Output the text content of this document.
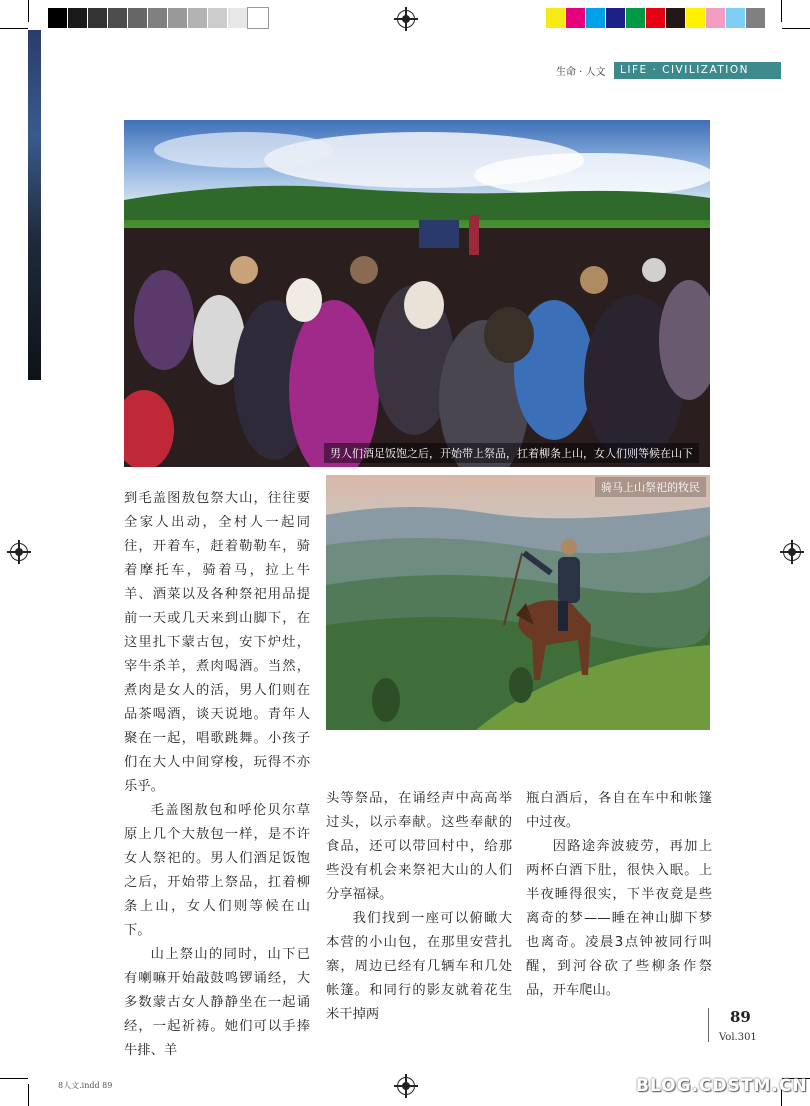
生命 · 人文	LIFE · CIVILIZATION
男人们酒足饭饱之后，开始带上祭品，扛着柳条上山，女人们则等候在山下
骑马上山祭祀的牧民

到毛盖图敖包祭大山，往往要全家人出动，全村人一起同往，开着车，赶着勒勒车，骑着摩托车，骑着马，拉上牛羊、酒菜以及各种祭祀用品提前一天或几天来到山脚下，在这里扎下蒙古包，安下炉灶，宰牛杀羊，煮肉喝酒。当然，煮肉是女人的活，男人们则在品茶喝酒，谈天说地。青年人聚在一起，唱歌跳舞。小孩子们在大人中间穿梭，玩得不亦乐乎。

毛盖图敖包和呼伦贝尔草原上几个大敖包一样，是不许女人祭祀的。男人们酒足饭饱之后，开始带上祭品，扛着柳条上山，女人们则等候在山下。

山上祭山的同时，山下已有喇嘛开始敲鼓鸣锣诵经，大多数蒙古女人静静坐在一起诵经，一起祈祷。她们可以手捧牛排、羊

头等祭品，在诵经声中高高举过头，以示奉献。这些奉献的食品，还可以带回村中，给那些没有机会来祭祀大山的人们分享福禄。

我们找到一座可以俯瞰大本营的小山包，在那里安营扎寨，周边已经有几辆车和几处帐篷。和同行的影友就着花生米干掉两

瓶白酒后，各自在车中和帐篷中过夜。

因路途奔波疲劳，再加上两杯白酒下肚，很快入眠。上半夜睡得很实，下半夜竟是些离奇的梦——睡在神山脚下梦也离奇。凌晨3点钟被同行叫醒，到河谷砍了些柳条作祭品，开车爬山。

89
Vol.301
8人文.indd 89	BLOG.CDSTM.CN
